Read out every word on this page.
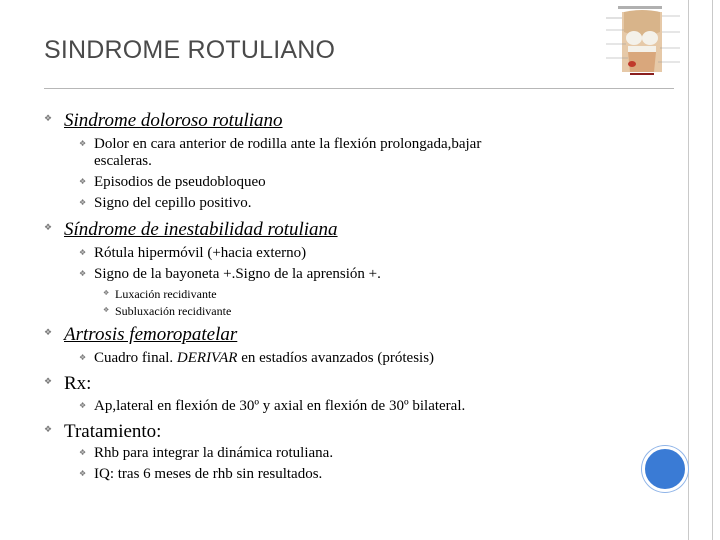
SINDROME ROTULIANO
❖ Sindrome doloroso rotuliano
❖ Dolor en cara anterior de rodilla ante la flexión prolongada,bajar
escaleras.
❖ Episodios de pseudobloqueo
❖ Signo del cepillo positivo.
❖ Síndrome de inestabilidad rotuliana
❖ Rótula hipermóvil (+hacia externo)
❖ Signo de la bayoneta +.Signo de la aprensión +.
❖ Luxación recidivante
❖ Subluxación recidivante
❖ Artrosis femoropatelar
❖ Cuadro final. DERIVAR en estadíos avanzados (prótesis)
❖ Rx:
❖ Ap,lateral en flexión de 30º y axial en flexión de 30º bilateral.
❖ Tratamiento:
❖ Rhb para integrar la dinámica rotuliana.
❖ IQ: tras 6 meses de rhb sin resultados.
